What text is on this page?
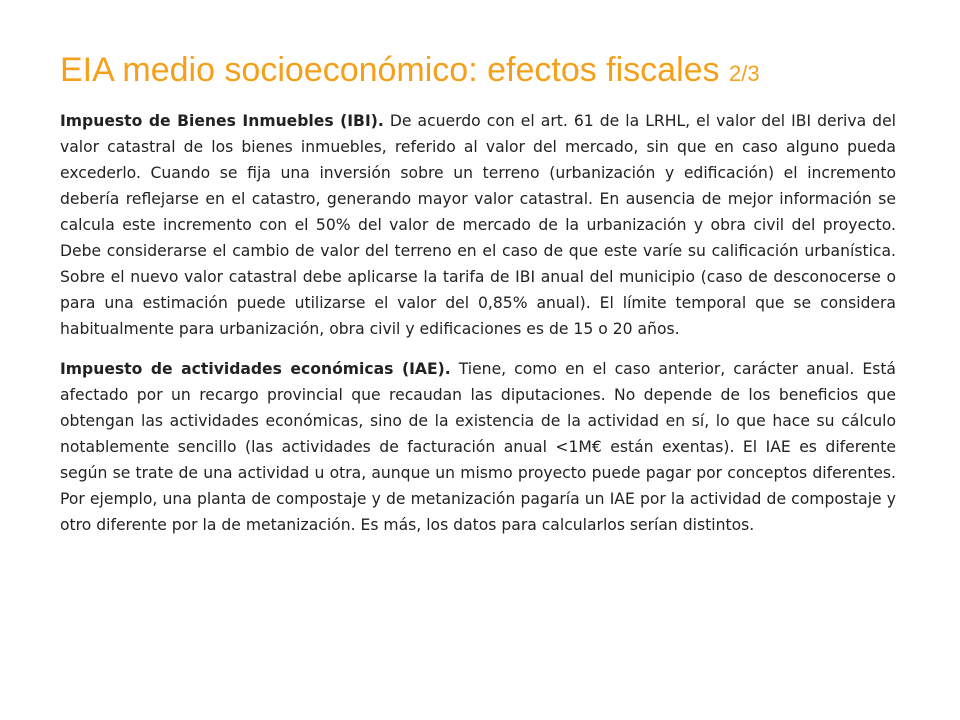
EIA medio socioeconómico: efectos fiscales 2/3

Impuesto de Bienes Inmuebles (IBI). De acuerdo con el art. 61 de la LRHL, el valor del IBI deriva del valor catastral de los bienes inmuebles, referido al valor del mercado, sin que en caso alguno pueda excederlo. Cuando se fija una inversión sobre un terreno (urbanización y edificación) el incremento debería reflejarse en el catastro, generando mayor valor catastral. En ausencia de mejor información se calcula este incremento con el 50% del valor de mercado de la urbanización y obra civil del proyecto. Debe considerarse el cambio de valor del terreno en el caso de que este varíe su calificación urbanística. Sobre el nuevo valor catastral debe aplicarse la tarifa de IBI anual del municipio (caso de desconocerse o para una estimación puede utilizarse el valor del 0,85% anual). El límite temporal que se considera habitualmente para urbanización, obra civil y edificaciones es de 15 o 20 años.

Impuesto de actividades económicas (IAE). Tiene, como en el caso anterior, carácter anual. Está afectado por un recargo provincial que recaudan las diputaciones. No depende de los beneficios que obtengan las actividades económicas, sino de la existencia de la actividad en sí, lo que hace su cálculo notablemente sencillo (las actividades de facturación anual <1M€ están exentas). El IAE es diferente según se trate de una actividad u otra, aunque un mismo proyecto puede pagar por conceptos diferentes. Por ejemplo, una planta de compostaje y de metanización pagaría un IAE por la actividad de compostaje y otro diferente por la de metanización. Es más, los datos para calcularlos serían distintos.
